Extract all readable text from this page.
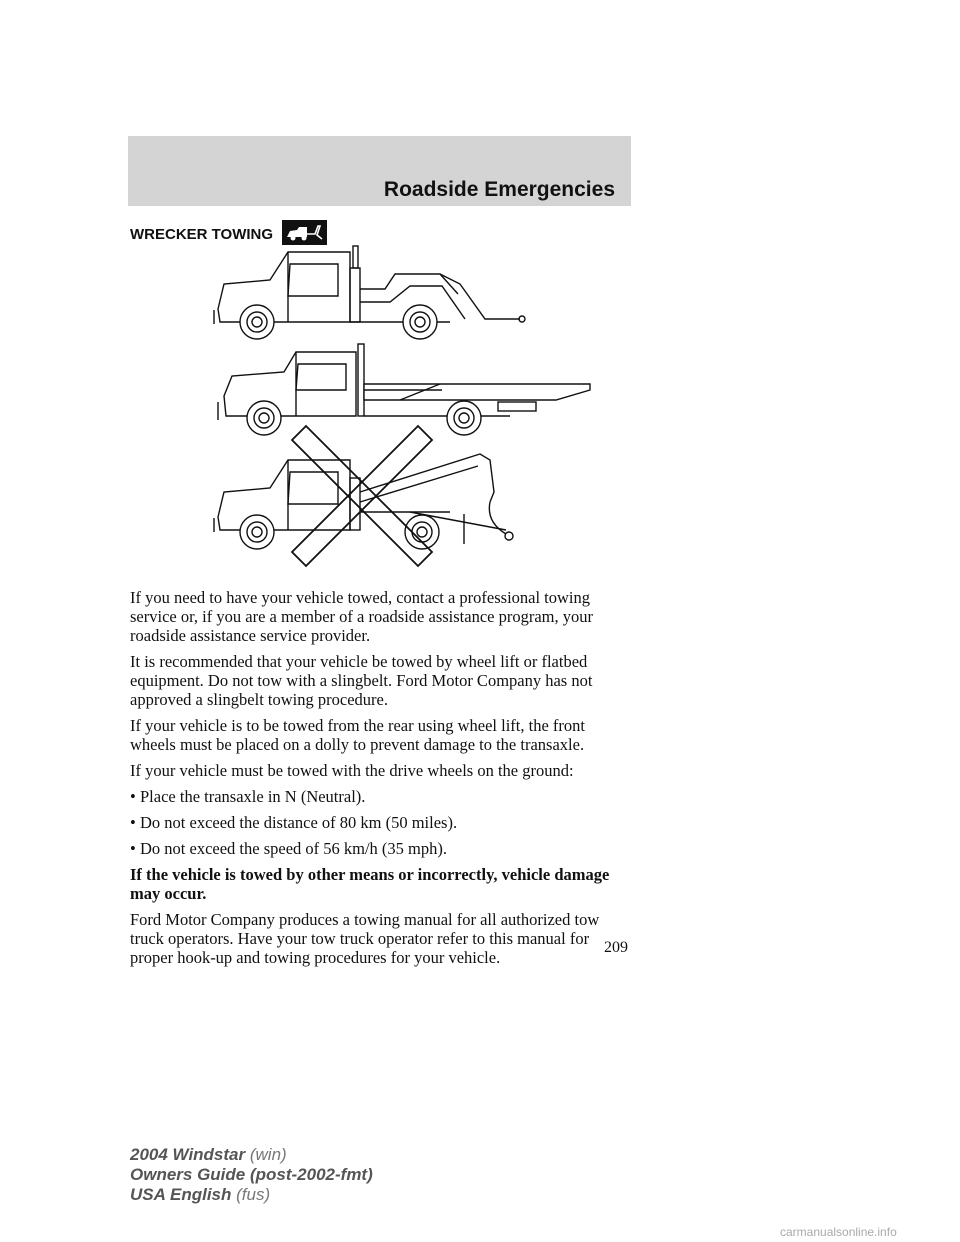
Roadside Emergencies
WRECKER TOWING

If you need to have your vehicle towed, contact a professional towing service or, if you are a member of a roadside assistance program, your roadside assistance service provider.

It is recommended that your vehicle be towed by wheel lift or flatbed equipment. Do not tow with a slingbelt. Ford Motor Company has not approved a slingbelt towing procedure.

If your vehicle is to be towed from the rear using wheel lift, the front wheels must be placed on a dolly to prevent damage to the transaxle.

If your vehicle must be towed with the drive wheels on the ground:

• Place the transaxle in N (Neutral).
• Do not exceed the distance of 80 km (50 miles).
• Do not exceed the speed of 56 km/h (35 mph).

If the vehicle is towed by other means or incorrectly, vehicle damage may occur.

Ford Motor Company produces a towing manual for all authorized tow truck operators. Have your tow truck operator refer to this manual for proper hook-up and towing procedures for your vehicle.

209
2004 Windstar (win)
Owners Guide (post-2002-fmt)
USA English (fus)
carmanualsonline.info
